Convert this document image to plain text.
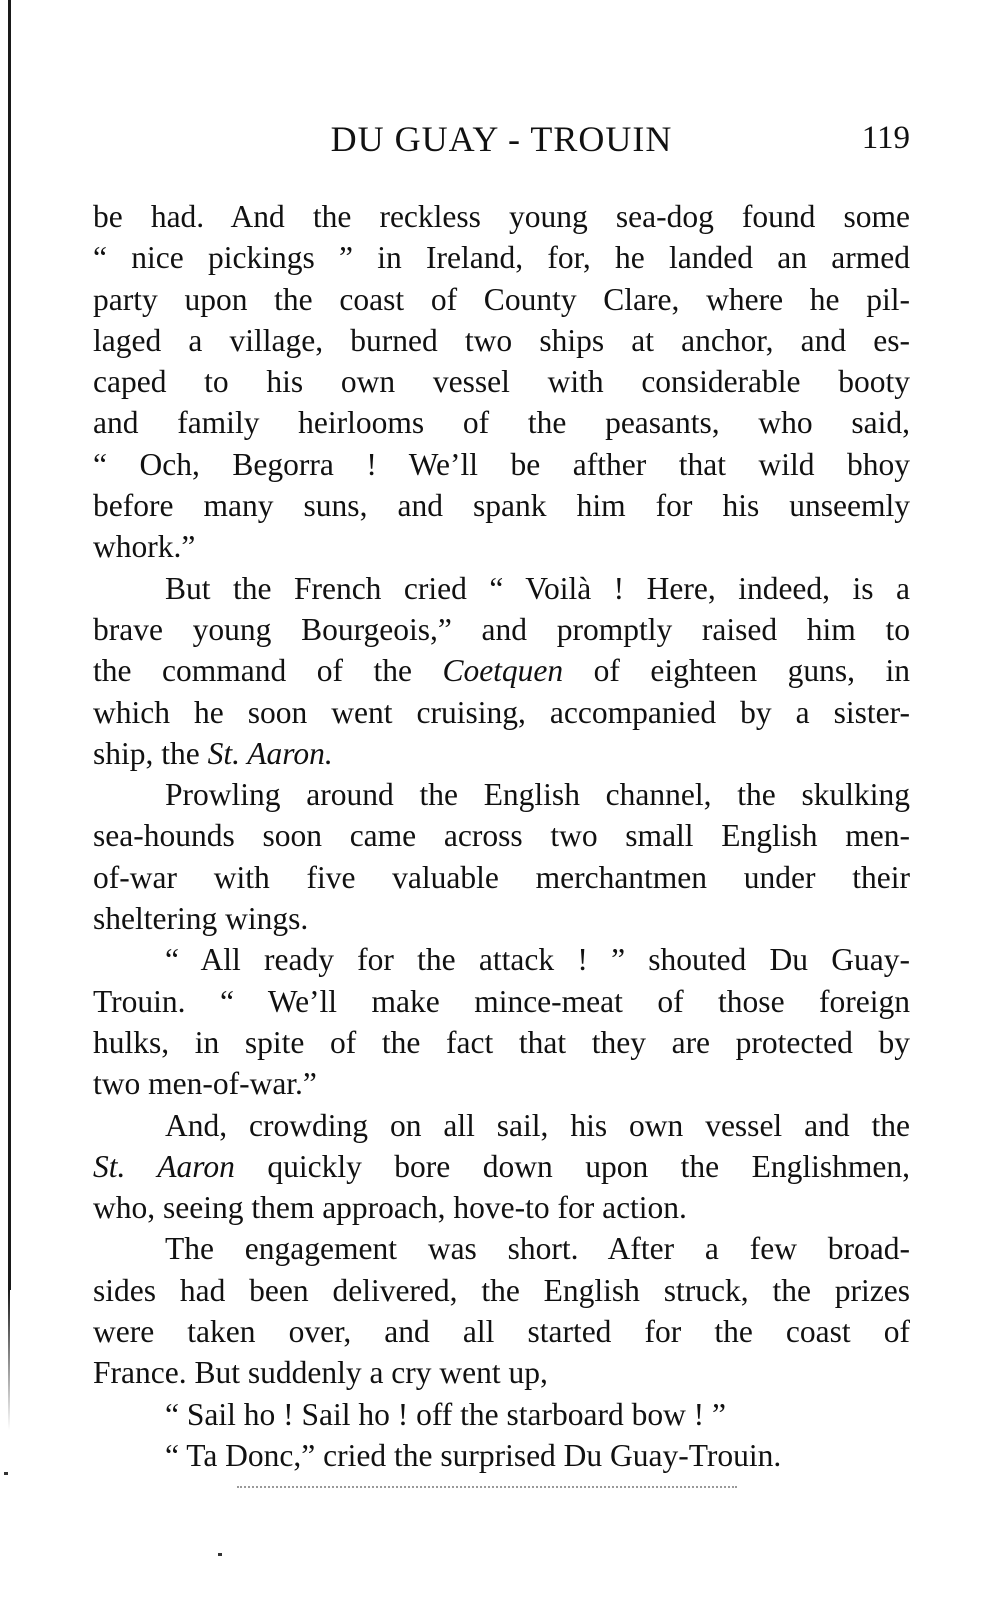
DU GUAY - TROUIN	119

be had. And the reckless young sea-dog found some
“ nice pickings ” in Ireland, for, he landed an armed
party upon the coast of County Clare, where he pil-
laged a village, burned two ships at anchor, and es-
caped to his own vessel with considerable booty
and family heirlooms of the peasants, who said,
“ Och, Begorra ! We’ll be afther that wild bhoy
before many suns, and spank him for his unseemly
whork.”

But the French cried “ Voilà ! Here, indeed, is a
brave young Bourgeois,” and promptly raised him to
the command of the Coetquen of eighteen guns, in
which he soon went cruising, accompanied by a sister-
ship, the St. Aaron.

Prowling around the English channel, the skulking
sea-hounds soon came across two small English men-
of-war with five valuable merchantmen under their
sheltering wings.

“ All ready for the attack ! ” shouted Du Guay-
Trouin. “ We’ll make mince-meat of those foreign
hulks, in spite of the fact that they are protected by
two men-of-war.”

And, crowding on all sail, his own vessel and the
St. Aaron quickly bore down upon the Englishmen,
who, seeing them approach, hove-to for action.

The engagement was short. After a few broad-
sides had been delivered, the English struck, the prizes
were taken over, and all started for the coast of
France. But suddenly a cry went up,

“ Sail ho ! Sail ho ! off the starboard bow ! ”

“ Ta Donc,” cried the surprised Du Guay-Trouin.
